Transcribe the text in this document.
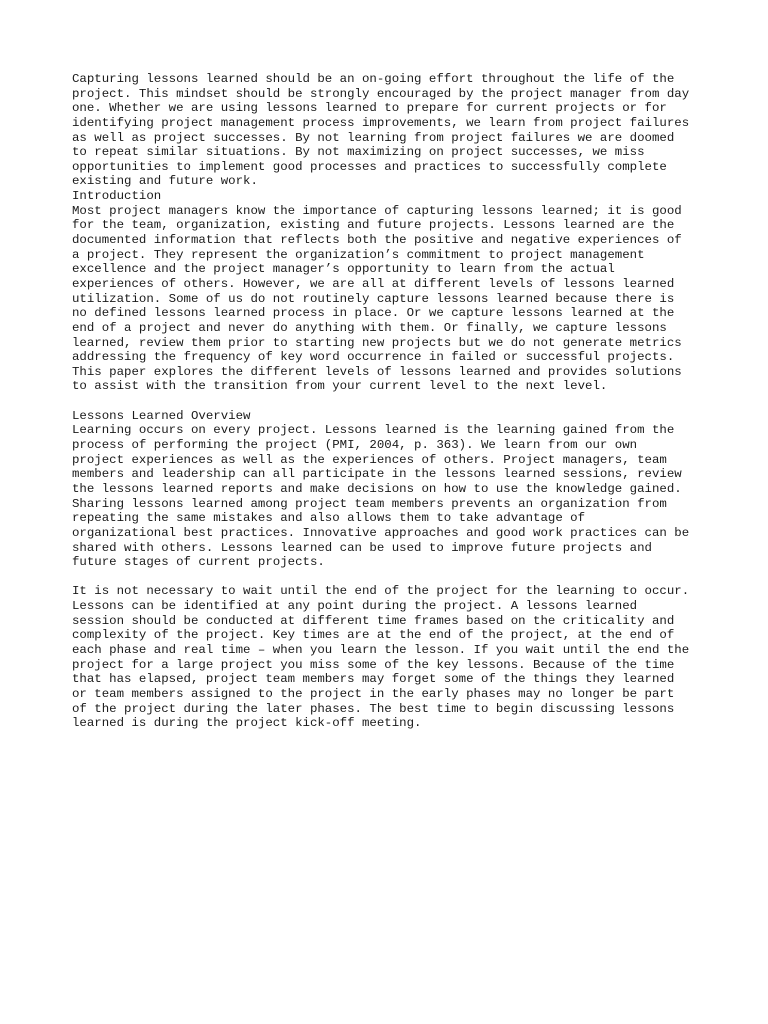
Capturing lessons learned should be an on-going effort throughout the life of the
project. This mindset should be strongly encouraged by the project manager from day
one. Whether we are using lessons learned to prepare for current projects or for
identifying project management process improvements, we learn from project failures
as well as project successes. By not learning from project failures we are doomed
to repeat similar situations. By not maximizing on project successes, we miss
opportunities to implement good processes and practices to successfully complete
existing and future work.
Introduction
Most project managers know the importance of capturing lessons learned; it is good
for the team, organization, existing and future projects. Lessons learned are the
documented information that reflects both the positive and negative experiences of
a project. They represent the organization’s commitment to project management
excellence and the project manager’s opportunity to learn from the actual
experiences of others. However, we are all at different levels of lessons learned
utilization. Some of us do not routinely capture lessons learned because there is
no defined lessons learned process in place. Or we capture lessons learned at the
end of a project and never do anything with them. Or finally, we capture lessons
learned, review them prior to starting new projects but we do not generate metrics
addressing the frequency of key word occurrence in failed or successful projects.
This paper explores the different levels of lessons learned and provides solutions
to assist with the transition from your current level to the next level.
Lessons Learned Overview
Learning occurs on every project. Lessons learned is the learning gained from the
process of performing the project (PMI, 2004, p. 363). We learn from our own
project experiences as well as the experiences of others. Project managers, team
members and leadership can all participate in the lessons learned sessions, review
the lessons learned reports and make decisions on how to use the knowledge gained.
Sharing lessons learned among project team members prevents an organization from
repeating the same mistakes and also allows them to take advantage of
organizational best practices. Innovative approaches and good work practices can be
shared with others. Lessons learned can be used to improve future projects and
future stages of current projects.
It is not necessary to wait until the end of the project for the learning to occur.
Lessons can be identified at any point during the project. A lessons learned
session should be conducted at different time frames based on the criticality and
complexity of the project. Key times are at the end of the project, at the end of
each phase and real time – when you learn the lesson. If you wait until the end the
project for a large project you miss some of the key lessons. Because of the time
that has elapsed, project team members may forget some of the things they learned
or team members assigned to the project in the early phases may no longer be part
of the project during the later phases. The best time to begin discussing lessons
learned is during the project kick-off meeting.
